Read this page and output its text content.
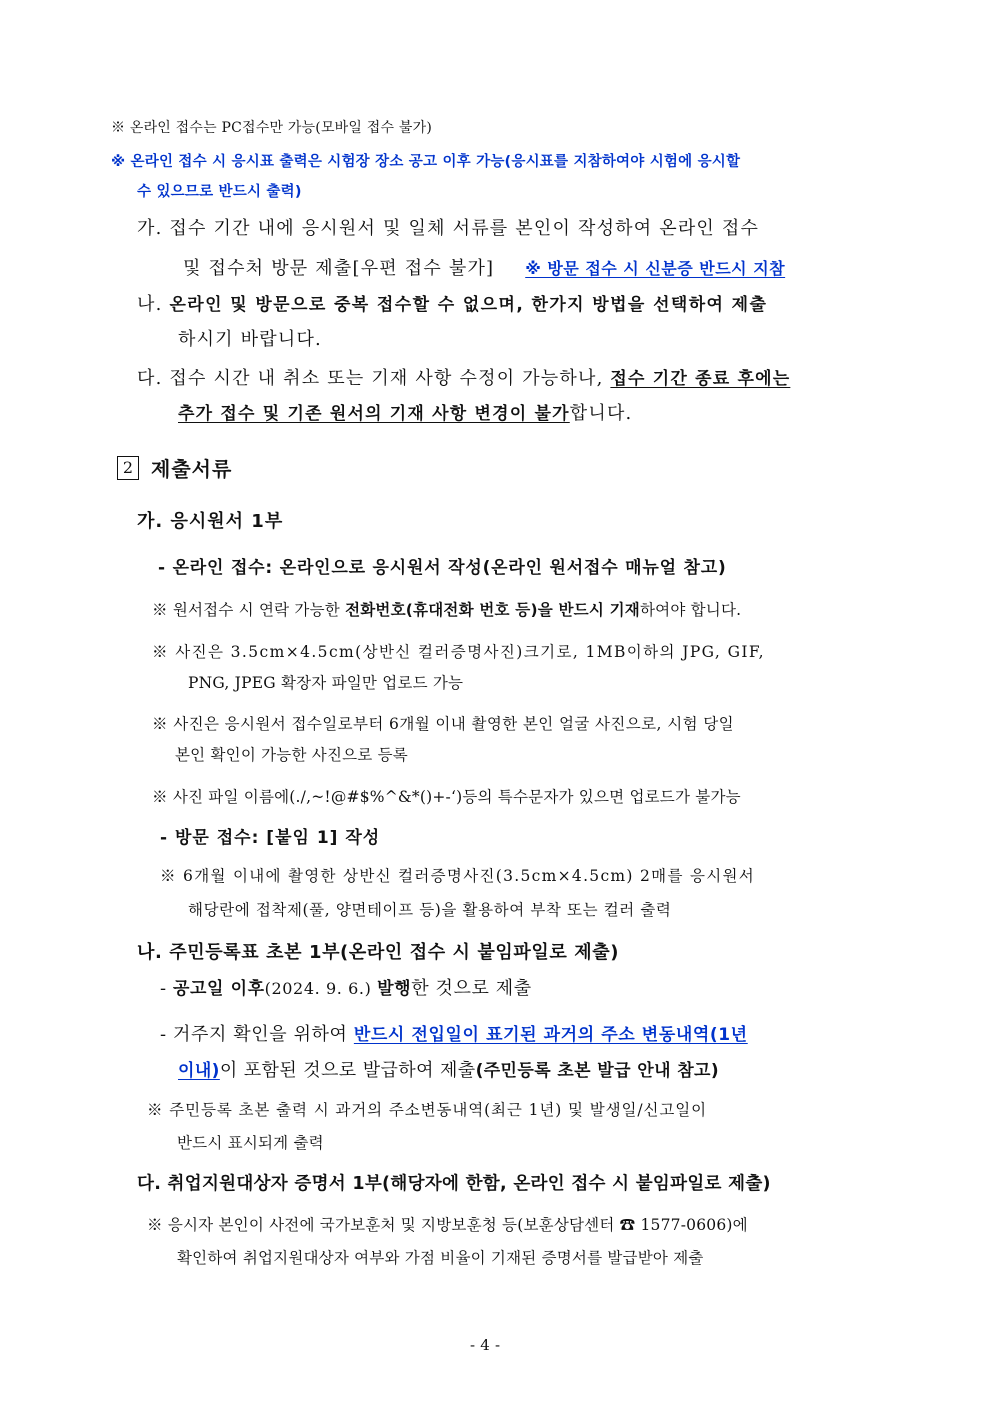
※ 온라인 접수는 PC접수만 가능(모바일 접수 불가)
※ 온라인 접수 시 응시표 출력은 시험장 장소 공고 이후 가능(응시표를 지참하여야 시험에 응시할
수 있으므로 반드시 출력)
가. 접수 기간 내에 응시원서 및 일체 서류를 본인이 작성하여 온라인 접수
및 접수처 방문 제출[우편 접수 불가] ※ 방문 접수 시 신분증 반드시 지참
나. 온라인 및 방문으로 중복 접수할 수 없으며, 한가지 방법을 선택하여 제출
하시기 바랍니다.
다. 접수 시간 내 취소 또는 기재 사항 수정이 가능하나, 접수 기간 종료 후에는
추가 접수 및 기존 원서의 기재 사항 변경이 불가합니다.
2 제출서류
가. 응시원서 1부
- 온라인 접수: 온라인으로 응시원서 작성(온라인 원서접수 매뉴얼 참고)
※ 원서접수 시 연락 가능한 전화번호(휴대전화 번호 등)을 반드시 기재하여야 합니다.
※ 사진은 3.5cm×4.5cm(상반신 컬러증명사진)크기로, 1MB이하의 JPG, GIF,
PNG, JPEG 확장자 파일만 업로드 가능
※ 사진은 응시원서 접수일로부터 6개월 이내 촬영한 본인 얼굴 사진으로, 시험 당일
본인 확인이 가능한 사진으로 등록
※ 사진 파일 이름에(./,~!@#$%^&*()+-‘)등의 특수문자가 있으면 업로드가 불가능
- 방문 접수: [붙임 1] 작성
※ 6개월 이내에 촬영한 상반신 컬러증명사진(3.5cm×4.5cm) 2매를 응시원서
해당란에 접착제(풀, 양면테이프 등)을 활용하여 부착 또는 컬러 출력
나. 주민등록표 초본 1부(온라인 접수 시 붙임파일로 제출)
- 공고일 이후(2024. 9. 6.) 발행한 것으로 제출
- 거주지 확인을 위하여 반드시 전입일이 표기된 과거의 주소 변동내역(1년
이내)이 포함된 것으로 발급하여 제출(주민등록 초본 발급 안내 참고)
※ 주민등록 초본 출력 시 과거의 주소변동내역(최근 1년) 및 발생일/신고일이
반드시 표시되게 출력
다. 취업지원대상자 증명서 1부(해당자에 한함, 온라인 접수 시 붙임파일로 제출)
※ 응시자 본인이 사전에 국가보훈처 및 지방보훈청 등(보훈상담센터 ☎ 1577-0606)에
확인하여 취업지원대상자 여부와 가점 비율이 기재된 증명서를 발급받아 제출
- 4 -
